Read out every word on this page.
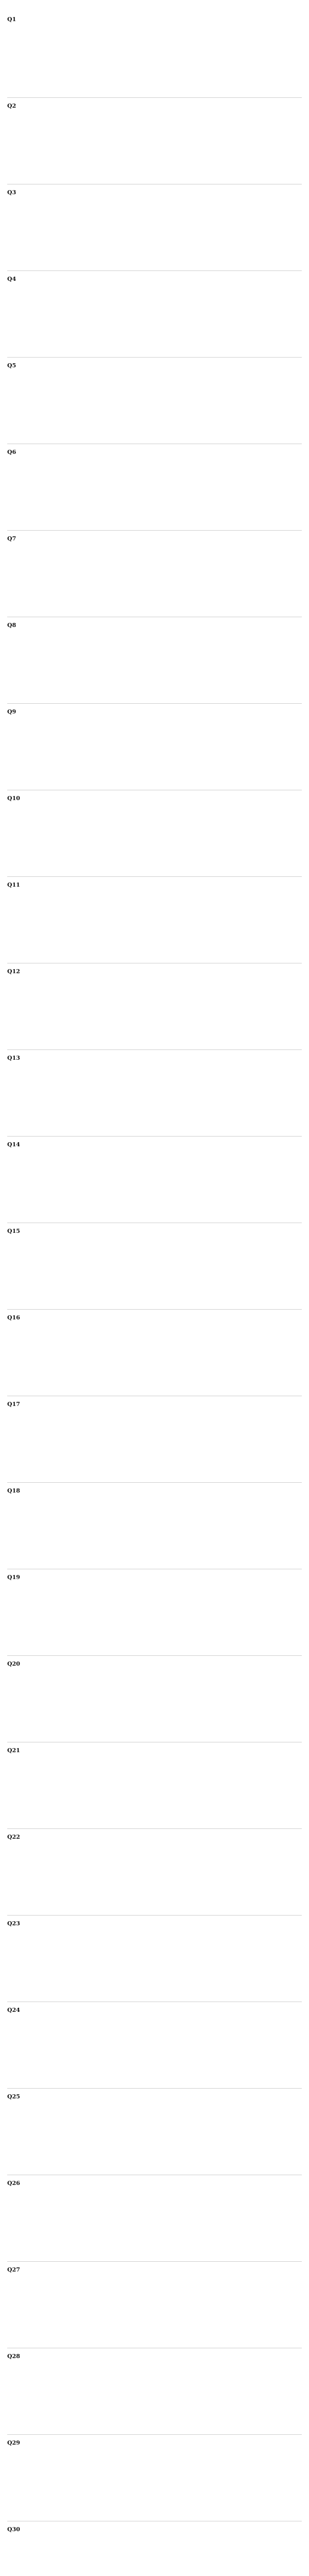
Q1
Q2
Q3
Q4
Q5
Q6
Q7
Q8
Q9
Q10
Q11
Q12
Q13
Q14
Q15
Q16
Q17
Q18
Q19
Q20
Q21
Q22
Q23
Q24
Q25
Q26
Q27
Q28
Q29
Q30
